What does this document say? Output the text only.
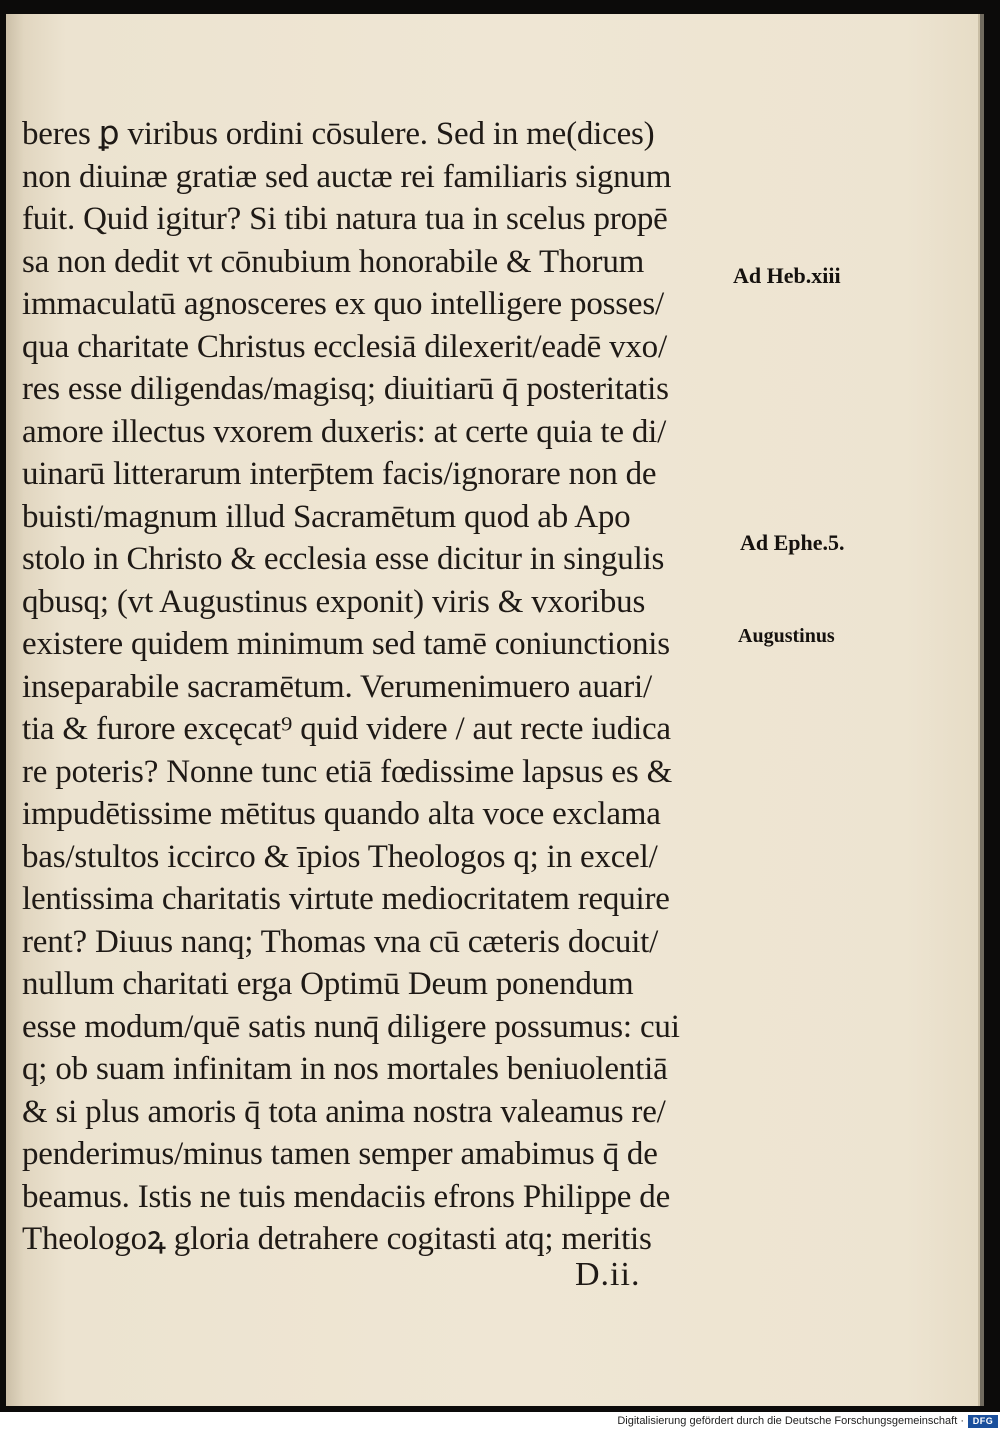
beres ꝑ viribus ordini cōsulere. Sed in me(dices)
non diuinæ gratiæ sed auctæ rei familiaris signum
fuit. Quid igitur? Si tibi natura tua in scelus propē
sa non dedit vt cōnubium honorabile & Thorum
immaculatū agnosceres ex quo intelligere posses/
qua charitate Christus ecclesiā dilexerit/eadē vxo/
res esse diligendas/magisq; diuitiarū q̄ posteritatis
amore illectus vxorem duxeris: at certe quia te di/
uinarū litterarum interp̄tem facis/ignorare non de
buisti/magnum illud Sacramētum quod ab Apo
stolo in Christo & ecclesia esse dicitur in singulis
qbusq; (vt Augustinus exponit) viris & vxoribus
existere quidem minimum sed tamē coniunctionis
inseparabile sacramētum. Verumenimuero auari/
tia & furore excęcat⁹ quid videre / aut recte iudica
re poteris? Nonne tunc etiā fœdissime lapsus es &
impudētissime mētitus quando alta voce exclama
bas/stultos iccirco & īpios Theologos q; in excel/
lentissima charitatis virtute mediocritatem require
rent? Diuus nanq; Thomas vna cū cæteris docuit/
nullum charitati erga Optimū Deum ponendum
esse modum/quē satis nunq̄ diligere possumus: cui
q; ob suam infinitam in nos mortales beniuolentiā
& si plus amoris q̄ tota anima nostra valeamus re/
penderimus/minus tamen semper amabimus q̄ de
beamus. Istis ne tuis mendaciis efrons Philippe de
Theologoꝝ gloria detrahere cogitasti atq; meritis
D.ii.
Ad Heb.xiii
Ad Ephe.5.
Augustinus
Digitalisierung gefördert durch die Deutsche Forschungsgemeinschaft · DFG
